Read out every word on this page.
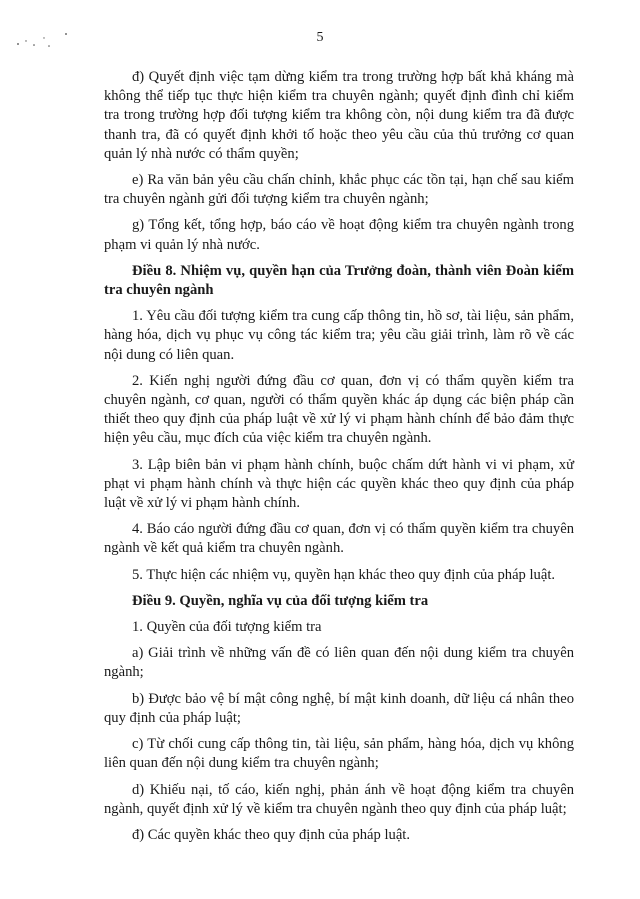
5

đ) Quyết định việc tạm dừng kiểm tra trong trường hợp bất khả kháng mà không thể tiếp tục thực hiện kiểm tra chuyên ngành; quyết định đình chỉ kiểm tra trong trường hợp đối tượng kiểm tra không còn, nội dung kiểm tra đã được thanh tra, đã có quyết định khởi tố hoặc theo yêu cầu của thủ trưởng cơ quan quản lý nhà nước có thẩm quyền;

e) Ra văn bản yêu cầu chấn chỉnh, khắc phục các tồn tại, hạn chế sau kiểm tra chuyên ngành gửi đối tượng kiểm tra chuyên ngành;

g) Tổng kết, tổng hợp, báo cáo về hoạt động kiểm tra chuyên ngành trong phạm vi quản lý nhà nước.

Điều 8. Nhiệm vụ, quyền hạn của Trưởng đoàn, thành viên Đoàn kiểm tra chuyên ngành

1. Yêu cầu đối tượng kiểm tra cung cấp thông tin, hồ sơ, tài liệu, sản phẩm, hàng hóa, dịch vụ phục vụ công tác kiểm tra; yêu cầu giải trình, làm rõ về các nội dung có liên quan.

2. Kiến nghị người đứng đầu cơ quan, đơn vị có thẩm quyền kiểm tra chuyên ngành, cơ quan, người có thẩm quyền khác áp dụng các biện pháp cần thiết theo quy định của pháp luật về xử lý vi phạm hành chính để bảo đảm thực hiện yêu cầu, mục đích của việc kiểm tra chuyên ngành.

3. Lập biên bản vi phạm hành chính, buộc chấm dứt hành vi vi phạm, xử phạt vi phạm hành chính và thực hiện các quyền khác theo quy định của pháp luật về xử lý vi phạm hành chính.

4. Báo cáo người đứng đầu cơ quan, đơn vị có thẩm quyền kiểm tra chuyên ngành về kết quả kiểm tra chuyên ngành.

5. Thực hiện các nhiệm vụ, quyền hạn khác theo quy định của pháp luật.

Điều 9. Quyền, nghĩa vụ của đối tượng kiểm tra

1. Quyền của đối tượng kiểm tra

a) Giải trình về những vấn đề có liên quan đến nội dung kiểm tra chuyên ngành;

b) Được bảo vệ bí mật công nghệ, bí mật kinh doanh, dữ liệu cá nhân theo quy định của pháp luật;

c) Từ chối cung cấp thông tin, tài liệu, sản phẩm, hàng hóa, dịch vụ không liên quan đến nội dung kiểm tra chuyên ngành;

d) Khiếu nại, tố cáo, kiến nghị, phản ánh về hoạt động kiểm tra chuyên ngành, quyết định xử lý về kiểm tra chuyên ngành theo quy định của pháp luật;

đ) Các quyền khác theo quy định của pháp luật.
